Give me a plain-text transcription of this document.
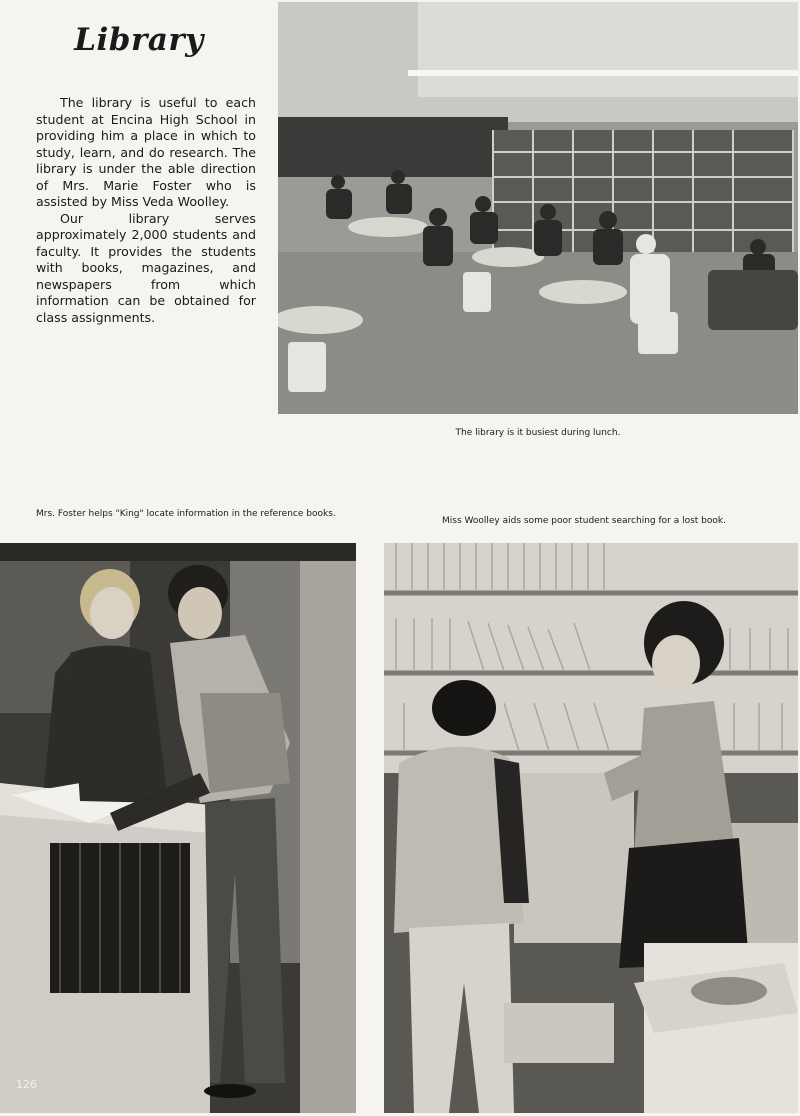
Library

The library is useful to each student at Encina High School in providing him a place in which to study, learn, and do research. The library is under the able direction of Mrs. Marie Foster who is assisted by Miss Veda Woolley.

Our library serves approximately 2,000 students and faculty. It provides the students with books, magazines, and newspapers from which information can be obtained for class assignments.

The library is it busiest during lunch.
Mrs. Foster helps "King" locate information in the reference books.
Miss Woolley aids some poor student searching for a lost book.
126
